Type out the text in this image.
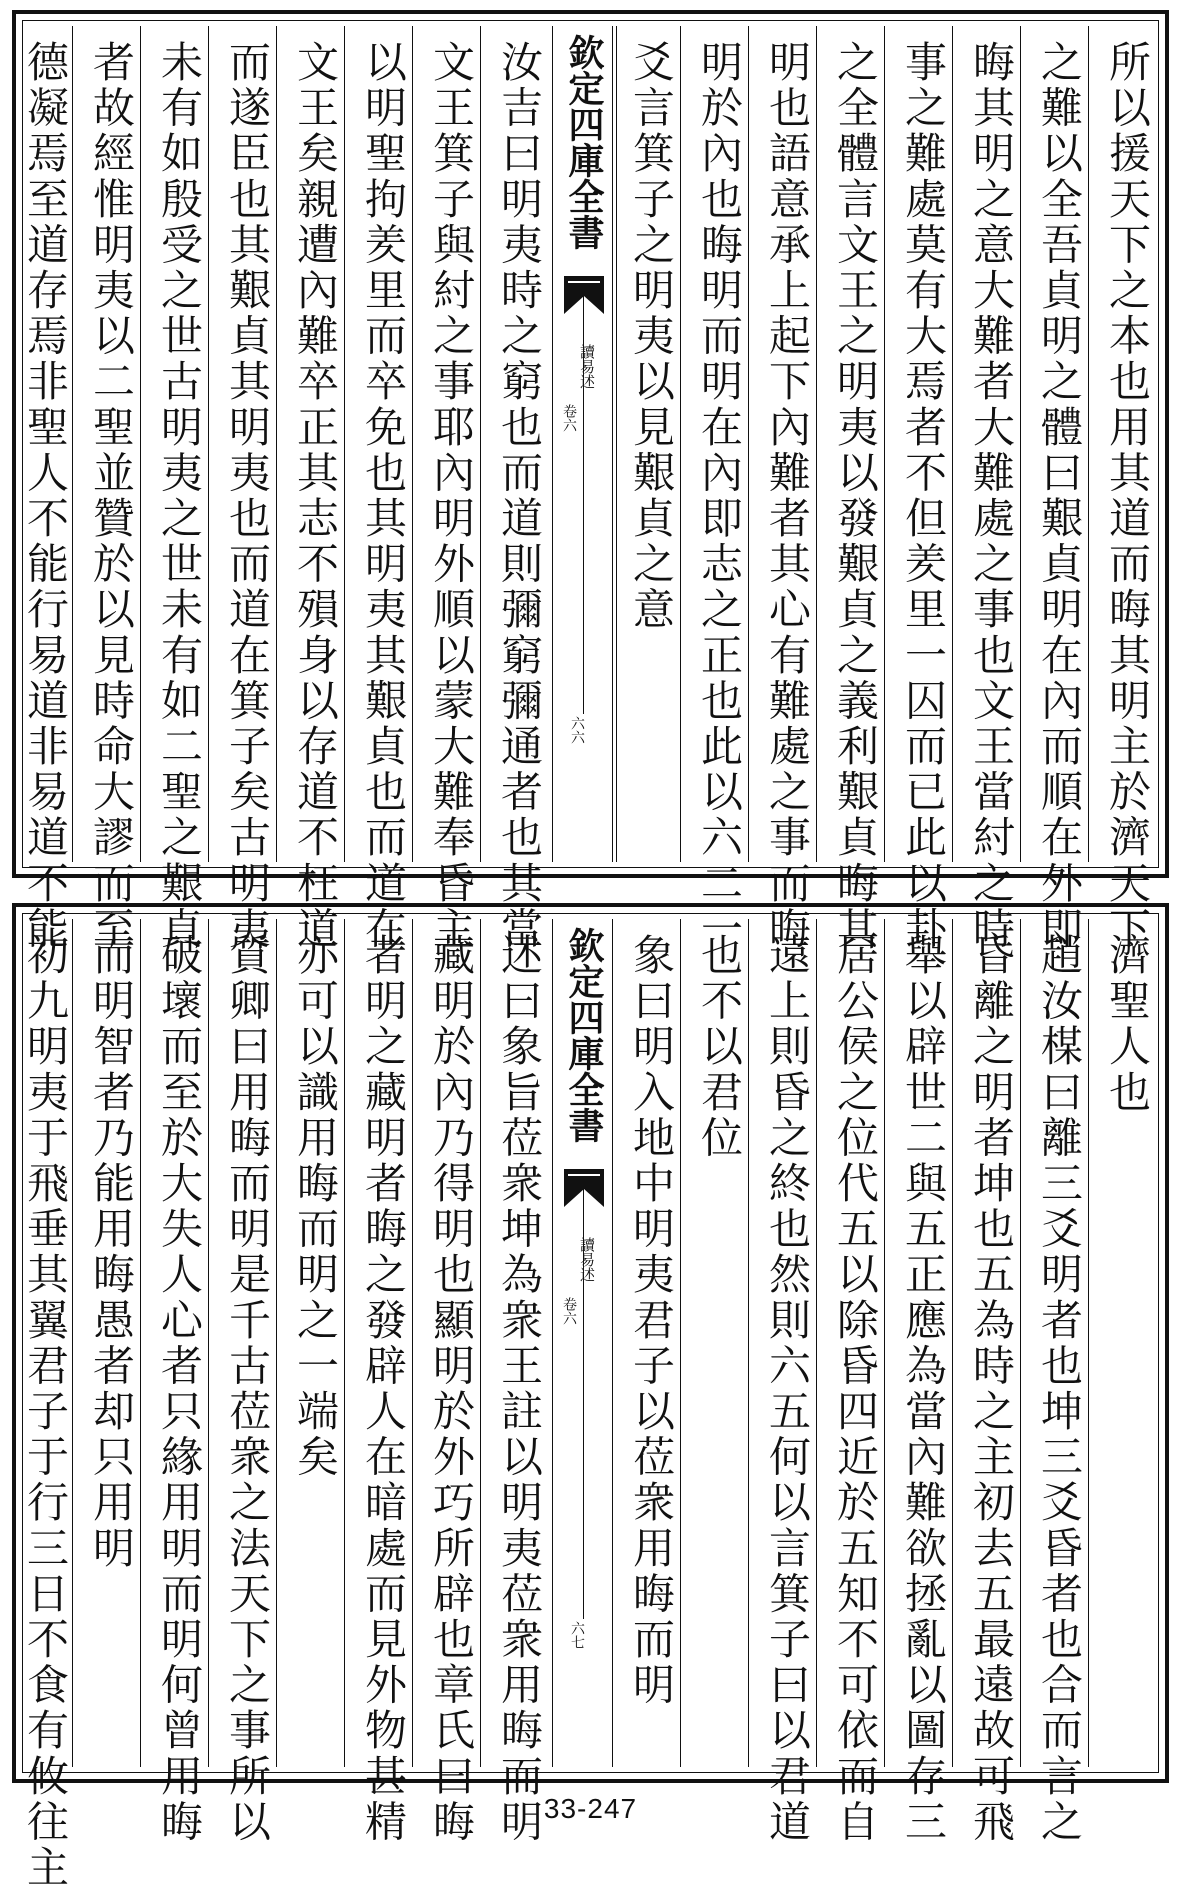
所以援天下之本也用其道而晦其明主於濟天下
之難以全吾貞明之體曰艱貞明在內而順在外即
晦其明之意大難者大難處之事也文王當紂之時
事之難處莫有大焉者不但羑里一囚而已此以卦
之全體言文王之明夷以發艱貞之義利艱貞晦其
明也語意承上起下內難者其心有難處之事而晦
明於內也晦明而明在內即志之正也此以六二一
爻言箕子之明夷以見艱貞之意
欽定四庫全書
讀易述
卷六
六六
汝吉曰明夷時之窮也而道則彌窮彌通者也其當
文王箕子與紂之事耶內明外順以蒙大難奉昏主
以明聖拘羑里而卒免也其明夷其艱貞也而道在
文王矣親遭內難卒正其志不殞身以存道不枉道
而遂臣也其艱貞其明夷也而道在箕子矣古明夷
未有如殷受之世古明夷之世未有如二聖之艱貞
者故經惟明夷以二聖並贊於以見時命大謬而至
德凝焉至道存焉非聖人不能行易道非易道不能
濟聖人也
趙汝楳曰離三爻明者也坤三爻昏者也合而言之
昏離之明者坤也五為時之主初去五最遠故可飛
舉以辟世二與五正應為當內難欲拯亂以圖存三
居公侯之位代五以除昏四近於五知不可依而自
遠上則昏之終也然則六五何以言箕子曰以君道
也不以君位
象曰明入地中明夷君子以莅衆用晦而明
欽定四庫全書
讀易述
卷六
六七
述曰象旨莅衆坤為衆王註以明夷莅衆用晦而明
藏明於內乃得明也顯明於外巧所辟也章氏曰晦
者明之藏明者晦之發辟人在暗處而見外物甚精
亦可以識用晦而明之一端矣
質卿曰用晦而明是千古莅衆之法天下之事所以
破壞而至於大失人心者只緣用明而明何曾用晦
而明智者乃能用晦愚者却只用明
初九明夷于飛垂其翼君子于行三日不食有攸往主	33-247
